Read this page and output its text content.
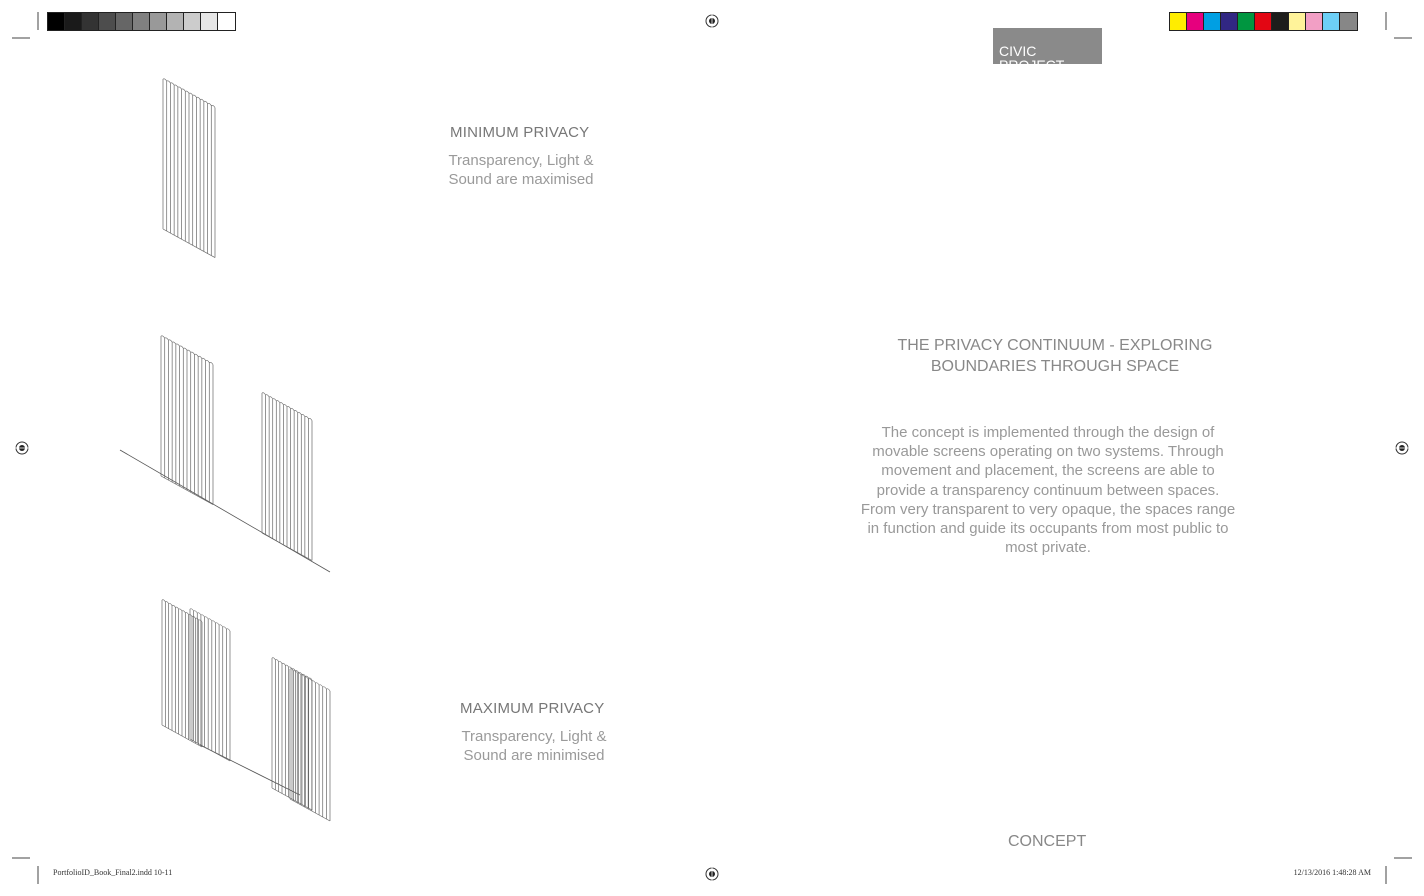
CIVIC PROJECT
MINIMUM PRIVACY
Transparency, Light &
Sound are maximised
MAXIMUM PRIVACY
Transparency, Light &
Sound are minimised
THE PRIVACY CONTINUUM - EXPLORING BOUNDARIES THROUGH SPACE
The concept is implemented through the design of movable screens operating on two systems. Through movement and placement, the screens are able to provide a transparency continuum between spaces. From very transparent to very opaque, the spaces range in function and guide its occupants from most public to most private.
CONCEPT
PortfolioID_Book_Final2.indd 10-11	12/13/2016 1:48:28 AM
